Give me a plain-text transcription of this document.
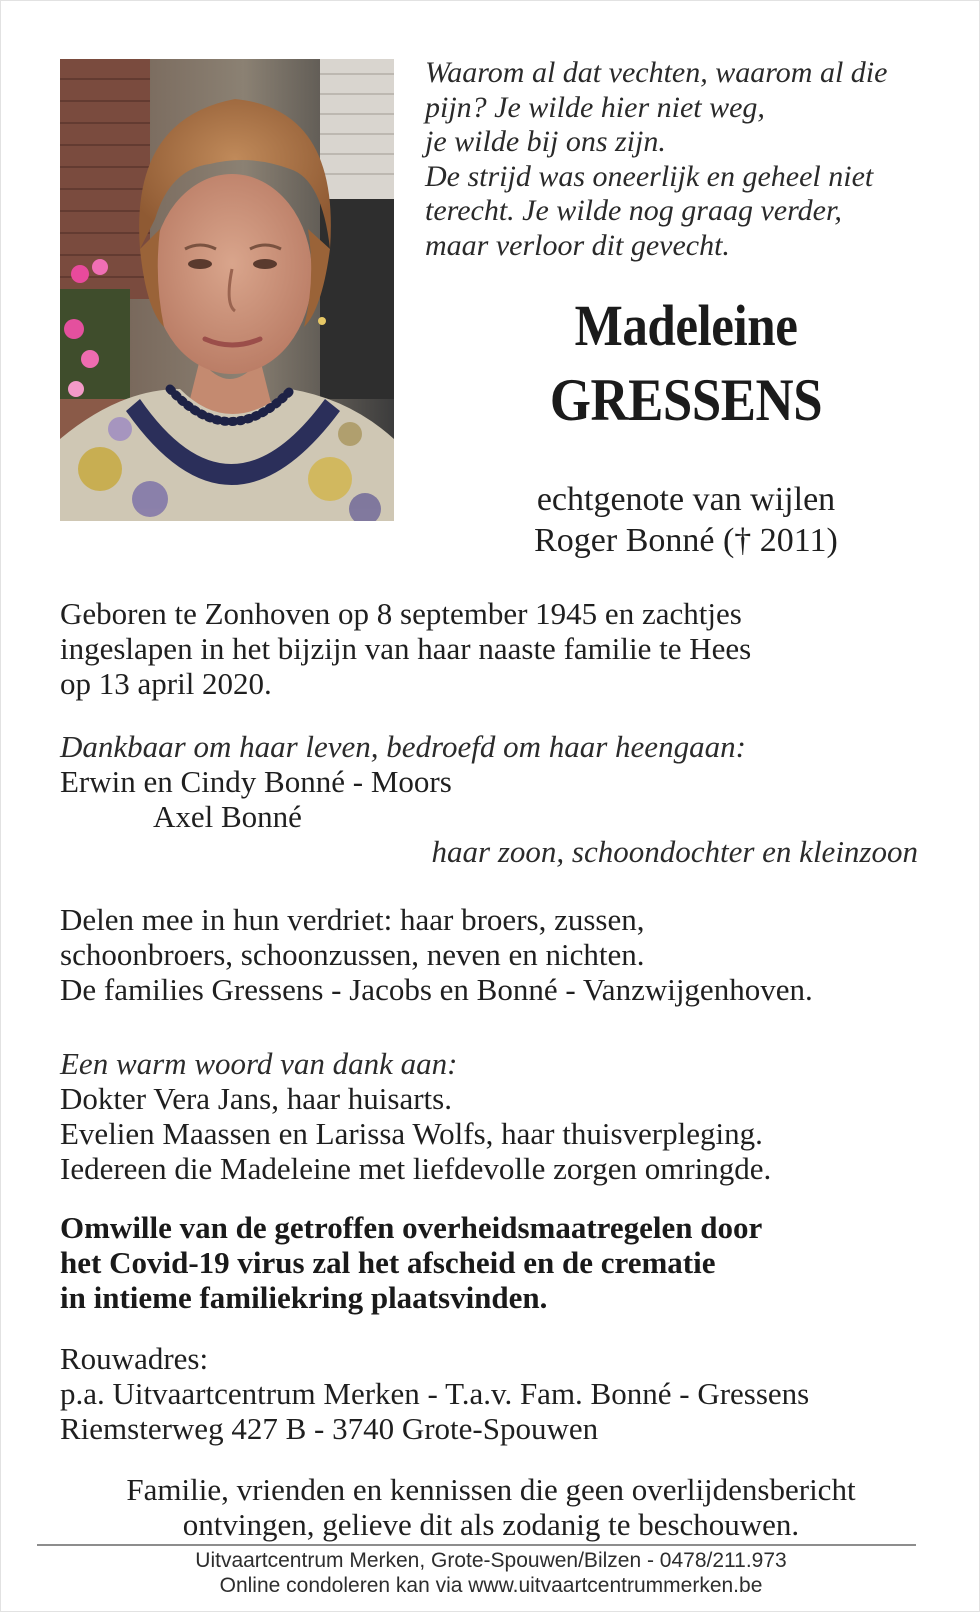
Waarom al dat vechten, waarom al die
pijn? Je wilde hier niet weg,
je wilde bij ons zijn.
De strijd was oneerlijk en geheel niet
terecht. Je wilde nog graag verder,
maar verloor dit gevecht.
Madeleine
GRESSENS
echtgenote van wijlen
Roger Bonné († 2011)
Geboren te Zonhoven op 8 september 1945 en zachtjes
ingeslapen in het bijzijn van haar naaste familie te Hees
op 13 april 2020.
Dankbaar om haar leven, bedroefd om haar heengaan:
Erwin en Cindy Bonné - Moors
Axel Bonné
haar zoon, schoondochter en kleinzoon
Delen mee in hun verdriet: haar broers, zussen,
schoonbroers, schoonzussen, neven en nichten.
De families Gressens - Jacobs en Bonné - Vanzwijgenhoven.
Een warm woord van dank aan:
Dokter Vera Jans, haar huisarts.
Evelien Maassen en Larissa Wolfs, haar thuisverpleging.
Iedereen die Madeleine met liefdevolle zorgen omringde.
Omwille van de getroffen overheidsmaatregelen door
het Covid-19 virus zal het afscheid en de crematie
in intieme familiekring plaatsvinden.
Rouwadres:
p.a. Uitvaartcentrum Merken - T.a.v. Fam. Bonné - Gressens
Riemsterweg 427 B - 3740 Grote-Spouwen
Familie, vrienden en kennissen die geen overlijdensbericht
ontvingen, gelieve dit als zodanig te beschouwen.
Uitvaartcentrum Merken, Grote-Spouwen/Bilzen - 0478/211.973
Online condoleren kan via www.uitvaartcentrummerken.be
